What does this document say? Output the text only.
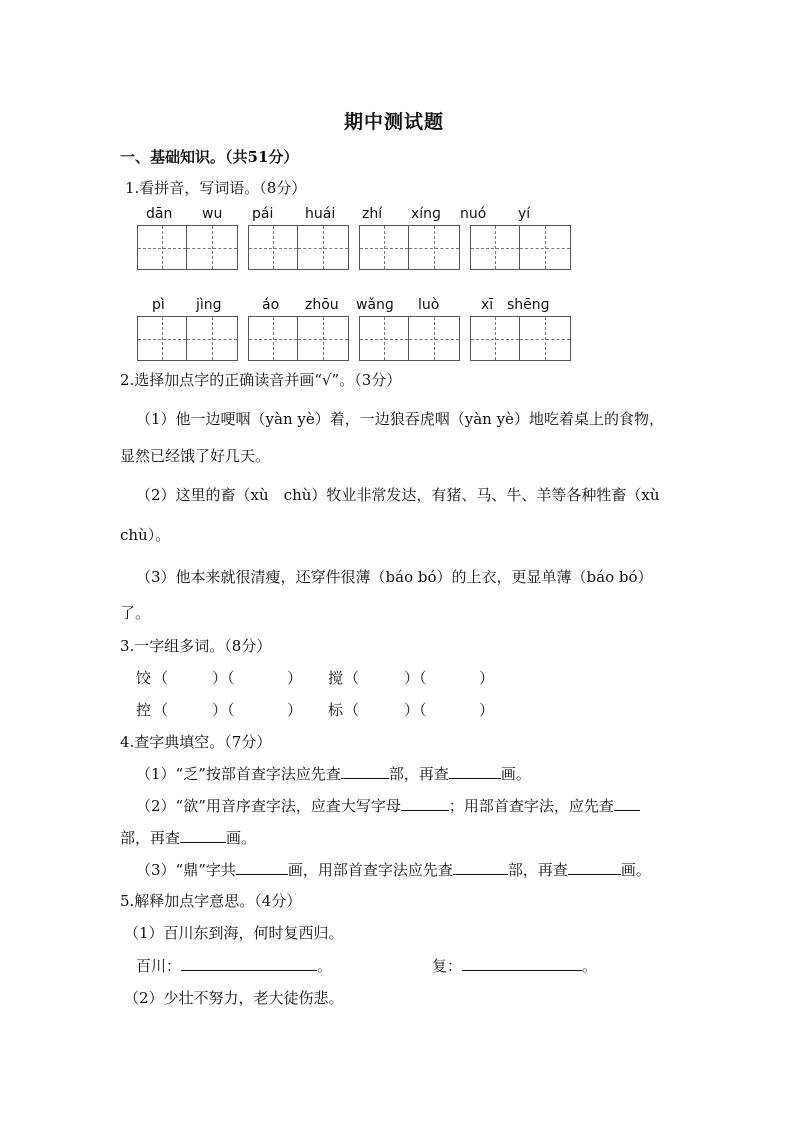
期中测试题
一、基础知识。（共51分）
1.看拼音，写词语。（8分）
dān wu pái huái zhí xínɡ nuó yí
pì jìnɡ	áo zhōu wǎnɡ luò	xī shēnɡ
2.选择加点字的正确读音并画“√”。（3分）
（1）他一边哽咽（yàn yè）着，一边狼吞虎咽（yàn yè）地吃着桌上的食物，
显然已经饿了好几天。
（2）这里的畜（xù　chù）牧业非常发达，有猪、马、牛、羊等各种牲畜（xù
chù）。
（3）他本来就很清瘦，还穿件很薄（báo bó）的上衣，更显单薄（báo bó）
了。
3.一字组多词。（8分）
饺 （	）（	） 搅 （	）（	）
控 （	）（	） 标 （	）（	）
4.查字典填空。（7分）
（1）“乏”按部首查字法应先查	部，再查	画。
（2）“欲”用音序查字法，应查大写字母	；用部首查字法，应先查
部，再查	画。
（3）“鼎”字共	画，用部首查字法应先查	部，再查	画。
5.解释加点字意思。（4分）
（1）百川东到海，何时复西归。
百川：	。	复：	。
（2）少壮不努力，老大徒伤悲。
